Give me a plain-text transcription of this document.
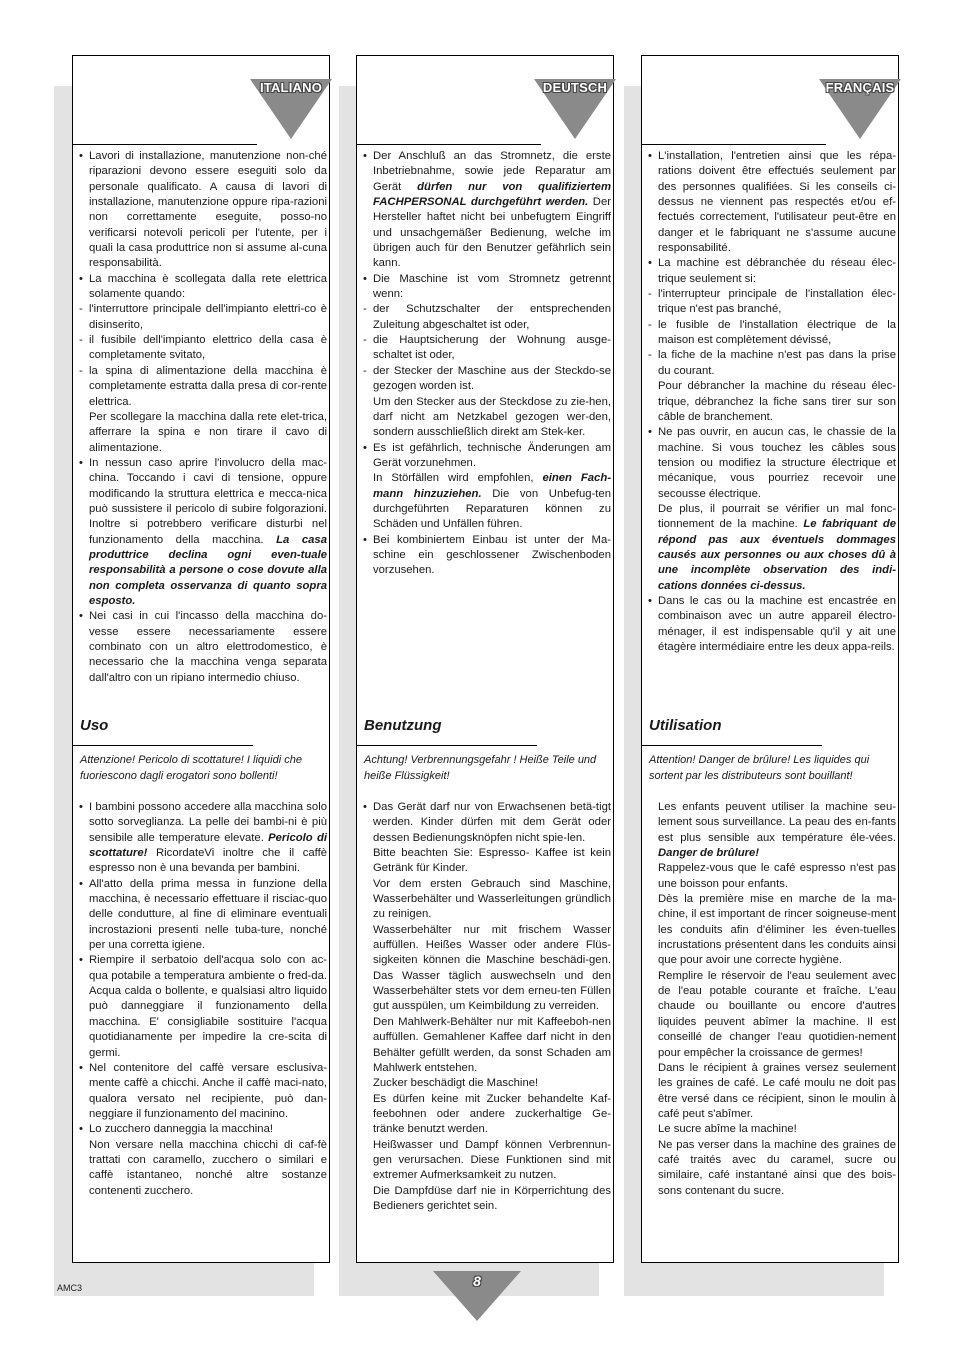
ITALIANO

• Lavori di installazione, manutenzione non-ché riparazioni devono essere eseguiti solo da personale qualificato. A causa di lavori di installazione, manutenzione oppure ripa-razioni non correttamente eseguite, posso-no verificarsi notevoli pericoli per l'utente, per i quali la casa produttrice non si assume al-cuna responsabilità.

• La macchina è scollegata dalla rete elettrica solamente quando:

- l'interruttore principale dell'impianto elettri-co è disinserito,

- il fusibile dell'impianto elettrico della casa è completamente svitato,

- la spina di alimentazione della macchina è completamente estratta dalla presa di cor-rente elettrica.

Per scollegare la macchina dalla rete elet-trica, afferrare la spina e non tirare il cavo di alimentazione.

• In nessun caso aprire l'involucro della mac-china. Toccando i cavi di tensione, oppure modificando la struttura elettrica e mecca-nica può sussistere il pericolo di subire folgorazioni. Inoltre si potrebbero verificare disturbi nel funzionamento della macchina. La casa produttrice declina ogni even-tuale responsabilità a persone o cose dovute alla non completa osservanza di quanto sopra esposto.

• Nei casi in cui l'incasso della macchina do-vesse essere necessariamente essere combinato con un altro elettrodomestico, è necessario che la macchina venga separata dall'altro con un ripiano intermedio chiuso.

Uso
Attenzione! Pericolo di scottature! I liquidi che fuoriescono dagli erogatori sono bollenti!

• I bambini possono accedere alla macchina solo sotto sorveglianza. La pelle dei bambi-ni è più sensibile alle temperature elevate. Pericolo di scottature! RicordateVi inoltre che il caffè espresso non è una bevanda per bambini.

• All'atto della prima messa in funzione della macchina, è necessario effettuare il risciac-quo delle condutture, al fine di eliminare eventuali incrostazioni presenti nelle tuba-ture, nonché per una corretta igiene.

• Riempire il serbatoio dell'acqua solo con ac-qua potabile a temperatura ambiente o fred-da. Acqua calda o bollente, e qualsiasi altro liquido può danneggiare il funzionamento della macchina. E' consigliabile sostituire l'acqua quotidianamente per impedire la cre-scita di germi.

• Nel contenitore del caffè versare esclusiva-mente caffè a chicchi. Anche il caffè maci-nato, qualora versato nel recipiente, può dan-neggiare il funzionamento del macinino.

• Lo zucchero danneggia la macchina!

Non versare nella macchina chicchi di caf-fè trattati con caramello, zucchero o similari e caffè istantaneo, nonché altre sostanze contenenti zucchero.

DEUTSCH

• Der Anschluß an das Stromnetz, die erste Inbetriebnahme, sowie jede Reparatur am Gerät dürfen nur von qualifiziertem FACHPERSONAL durchgeführt werden. Der Hersteller haftet nicht bei unbefugtem Eingriff und unsachgemäßer Bedienung, welche im übrigen auch für den Benutzer gefährlich sein kann.

• Die Maschine ist vom Stromnetz getrennt wenn:

- der Schutzschalter der entsprechenden Zuleitung abgeschaltet ist oder,

- die Hauptsicherung der Wohnung ausge-schaltet ist oder,

- der Stecker der Maschine aus der Steckdo-se gezogen worden ist.

Um den Stecker aus der Steckdose zu zie-hen, darf nicht am Netzkabel gezogen wer-den, sondern ausschließlich direkt am Stek-ker.

• Es ist gefährlich, technische Änderungen am Gerät vorzunehmen.

In Störfällen wird empfohlen, einen Fach-mann hinzuziehen. Die von Unbefug-ten durchgeführten Reparaturen können zu Schäden und Unfällen führen.

• Bei kombiniertem Einbau ist unter der Ma-schine ein geschlossener Zwischenboden vorzusehen.

Benutzung
Achtung! Verbrennungsgefahr ! Heiße Teile und heiße Flüssigkeit!

• Das Gerät darf nur von Erwachsenen betä-tigt werden. Kinder dürfen mit dem Gerät oder dessen Bedienungsknöpfen nicht spie-len.

Bitte beachten Sie: Espresso- Kaffee ist kein Getränk für Kinder.

Vor dem ersten Gebrauch sind Maschine, Wasserbehälter und Wasserleitungen gründlich zu reinigen.

Wasserbehälter nur mit frischem Wasser auffüllen. Heißes Wasser oder andere Flüs-sigkeiten können die Maschine beschädi-gen. Das Wasser täglich auswechseln und den Wasserbehälter stets vor dem erneu-ten Füllen gut ausspülen, um Keimbildung zu verreiden.

Den Mahlwerk-Behälter nur mit Kaffeeboh-nen auffüllen. Gemahlener Kaffee darf nicht in den Behälter gefüllt werden, da sonst Schaden am Mahlwerk entstehen.

Zucker beschädigt die Maschine!

Es dürfen keine mit Zucker behandelte Kaf-feebohnen oder andere zuckerhaltige Ge-tränke benutzt werden.

Heißwasser und Dampf können Verbrennun-gen verursachen. Diese Funktionen sind mit extremer Aufmerksamkeit zu nutzen.

Die Dampfdüse darf nie in Körperrichtung des Bedieners gerichtet sein.

FRANÇAIS

• L'installation, l'entretien ainsi que les répa-rations doivent être effectués seulement par des personnes qualifiées. Si les conseils ci-dessus ne viennent pas respectés et/ou ef-fectués correctement, l'utilisateur peut-être en danger et le fabriquant ne s'assume aucune responsabilité.

• La machine est débranchée du réseau élec-trique seulement si:

- l'interrupteur principale de l'installation élec-trique n'est pas branché,

- le fusible de l'installation électrique de la maison est complètement dévissé,

- la fiche de la machine n'est pas dans la prise du courant.

Pour débrancher la machine du réseau élec-trique, débranchez la fiche sans tirer sur son câble de branchement.

• Ne pas ouvrir, en aucun cas, le chassie de la machine. Si vous touchez les câbles sous tension ou modifiez la structure électrique et mécanique, vous pourriez recevoir une secousse électrique.

De plus, il pourrait se vérifier un mal fonc-tionnement de la machine. Le fabriquant de répond pas aux éventuels dommages causés aux personnes ou aux choses dû à une incomplète observation des indi-cations données ci-dessus.

• Dans le cas ou la machine est encastrée en combinaison avec un autre appareil électro-ménager, il est indispensable qu'il y ait une étagère intermédiaire entre les deux appa-reils.

Utilisation
Attention! Danger de brûlure! Les liquides qui sortent par les distributeurs sont bouillant!

Les enfants peuvent utiliser la machine seu-lement sous surveillance. La peau des en-fants est plus sensible aux température éle-vées. Danger de brûlure!

Rappelez-vous que le café espresso n'est pas une boisson pour enfants.

Dès la première mise en marche de la ma-chine, il est important de rincer soigneuse-ment les conduits afin d'éliminer les éven-tuelles incrustations présentent dans les conduits ainsi que pour avoir une correcte hygiène.

Remplire le réservoir de l'eau seulement avec de l'eau potable courante et fraîche. L'eau chaude ou bouillante ou encore d'autres liquides peuvent abîmer la machine. Il est conseillé de changer l'eau quotidien-nement pour empêcher la croissance de germes!

Dans le récipient à graines versez seulement les graines de café. Le café moulu ne doit pas être versé dans ce récipient, sinon le moulin à café peut s'abîmer.

Le sucre abîme la machine!

Ne pas verser dans la machine des graines de café traités avec du caramel, sucre ou similaire, café instantané ainsi que des bois-sons contenant du sucre.

8
AMC3
